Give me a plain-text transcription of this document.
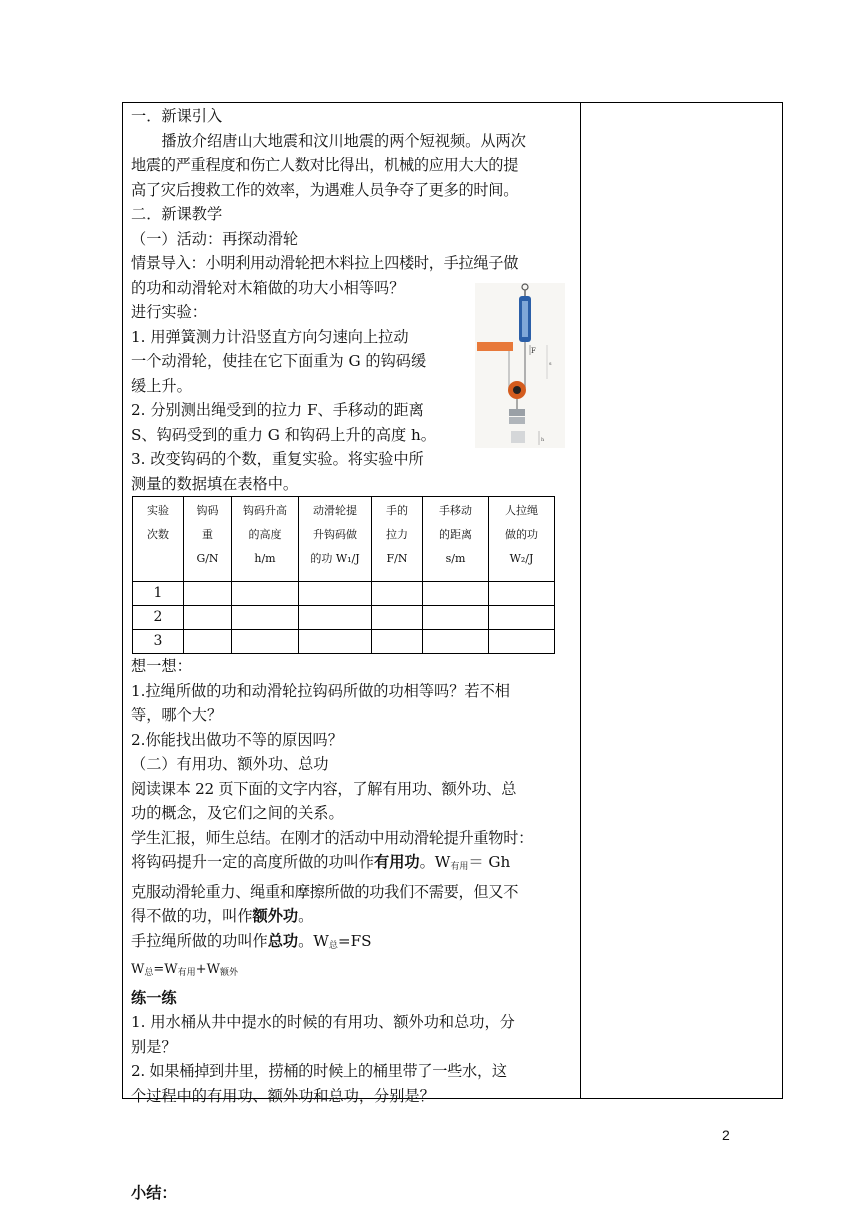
一．新课引入

播放介绍唐山大地震和汶川地震的两个短视频。从两次

地震的严重程度和伤亡人数对比得出，机械的应用大大的提

高了灾后搜救工作的效率，为遇难人员争夺了更多的时间。

二．新课教学

（一）活动：再探动滑轮

情景导入：小明利用动滑轮把木料拉上四楼时，手拉绳子做

的功和动滑轮对木箱做的功大小相等吗？

进行实验：

1. 用弹簧测力计沿竖直方向匀速向上拉动

一个动滑轮，使挂在它下面重为 G 的钩码缓

缓上升。

2. 分别测出绳受到的拉力 F、手移动的距离

S、钩码受到的重力 G 和钩码上升的高度 h。

F
s
h

3. 改变钩码的个数，重复实验。将实验中所

测量的数据填在表格中。

实验
次数	钩码
重
G/N	钩码升高
的高度
h/m	动滑轮提
升钩码做
的功 W₁/J	手的
拉力
F/N	手移动
的距离
s/m	人拉绳
做的功
W₂/J
1						
2						
3						

想一想：

1.拉绳所做的功和动滑轮拉钩码所做的功相等吗？若不相

等，哪个大？

2.你能找出做功不等的原因吗？

（二）有用功、额外功、总功

阅读课本 22 页下面的文字内容，了解有用功、额外功、总

功的概念，及它们之间的关系。

学生汇报，师生总结。在刚才的活动中用动滑轮提升重物时：

将钩码提升一定的高度所做的功叫作有用功。$W_{有用}= Gh$

克服动滑轮重力、绳重和摩擦所做的功我们不需要，但又不

得不做的功，叫作额外功。

手拉绳所做的功叫作总功。$W_总=FS$

$W_总=W_{有用}+W_{额外}$

练一练

1. 用水桶从井中提水的时候的有用功、额外功和总功，分

别是？

2. 如果桶掉到井里，捞桶的时候上的桶里带了一些水，这

个过程中的有用功、额外功和总功，分别是？

小结：

2
